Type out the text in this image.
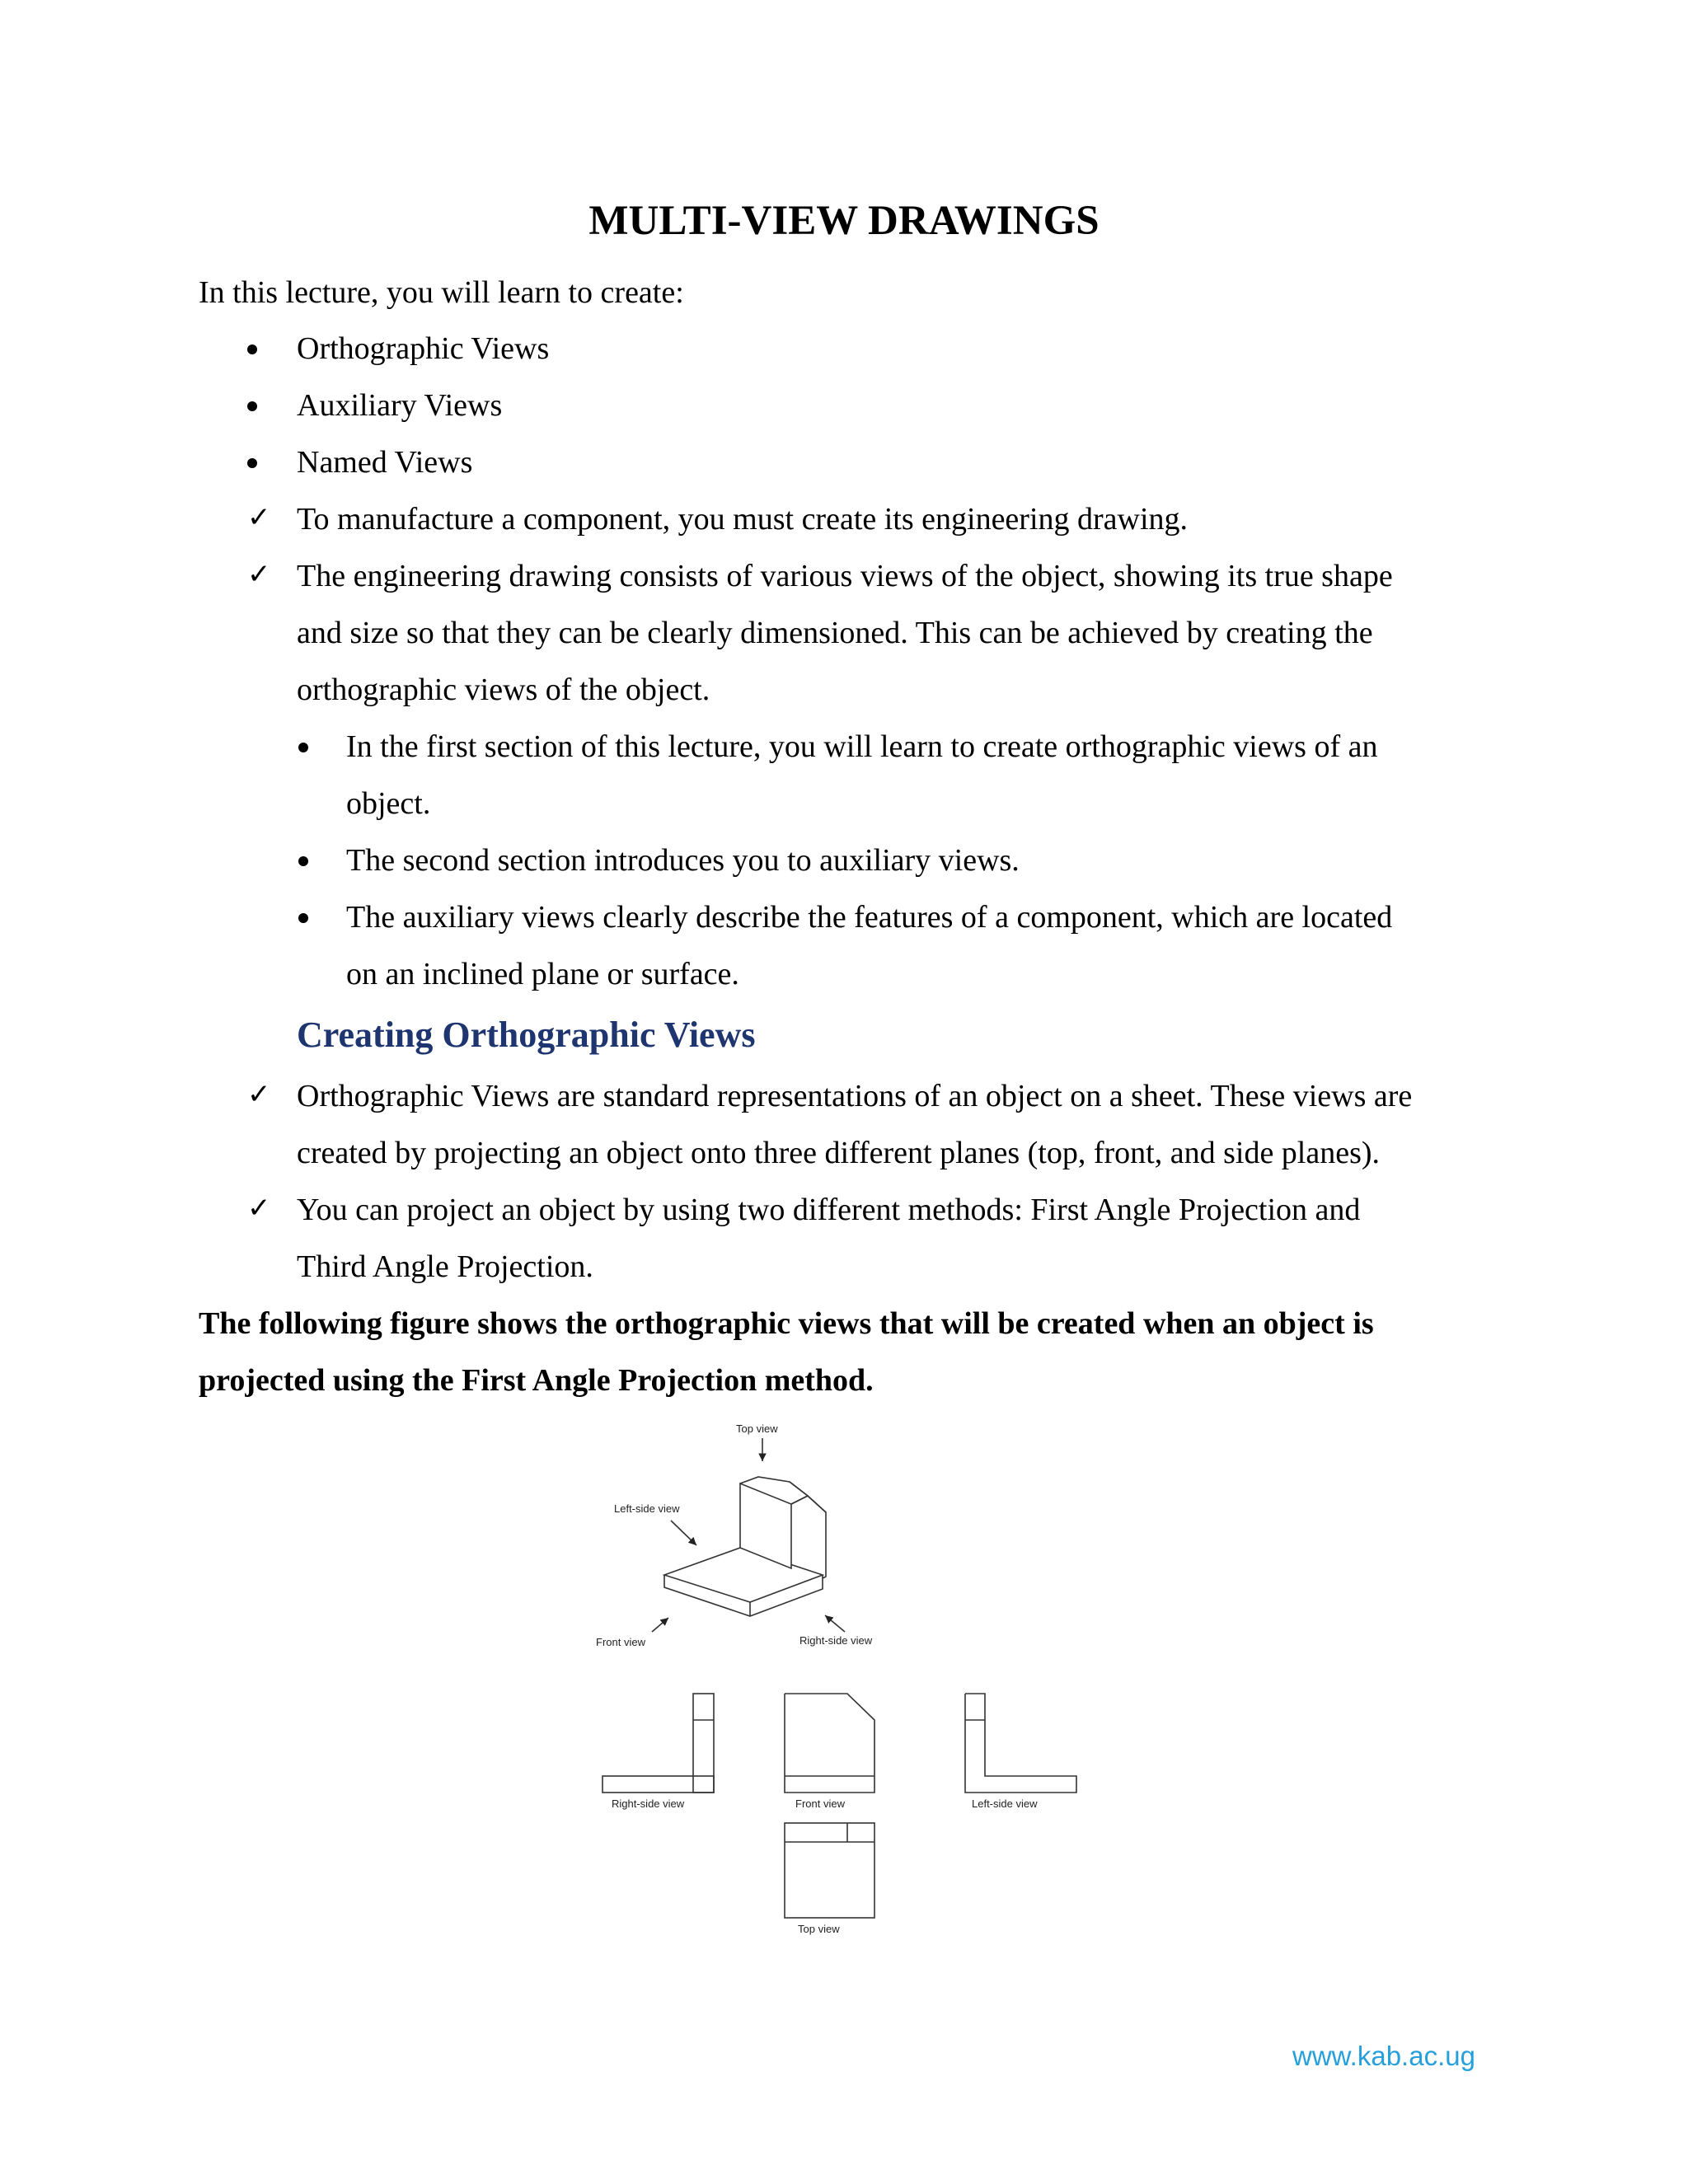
MULTI-VIEW DRAWINGS
In this lecture, you will learn to create:
Orthographic Views
Auxiliary Views
Named Views
✓ To manufacture a component, you must create its engineering drawing.
✓ The engineering drawing consists of various views of the object, showing its true shape
and size so that they can be clearly dimensioned. This can be achieved by creating the
orthographic views of the object.
In the first section of this lecture, you will learn to create orthographic views of an
object.
The second section introduces you to auxiliary views.
The auxiliary views clearly describe the features of a component, which are located
on an inclined plane or surface.
Creating Orthographic Views
✓ Orthographic Views are standard representations of an object on a sheet. These views are
created by projecting an object onto three different planes (top, front, and side planes).
✓ You can project an object by using two different methods: First Angle Projection and
Third Angle Projection.
The following figure shows the orthographic views that will be created when an object is
projected using the First Angle Projection method.
Top view
Left-side view
Front view	Right-side view
Right-side view	Front view	Left-side view
Top view
www.kab.ac.ug
